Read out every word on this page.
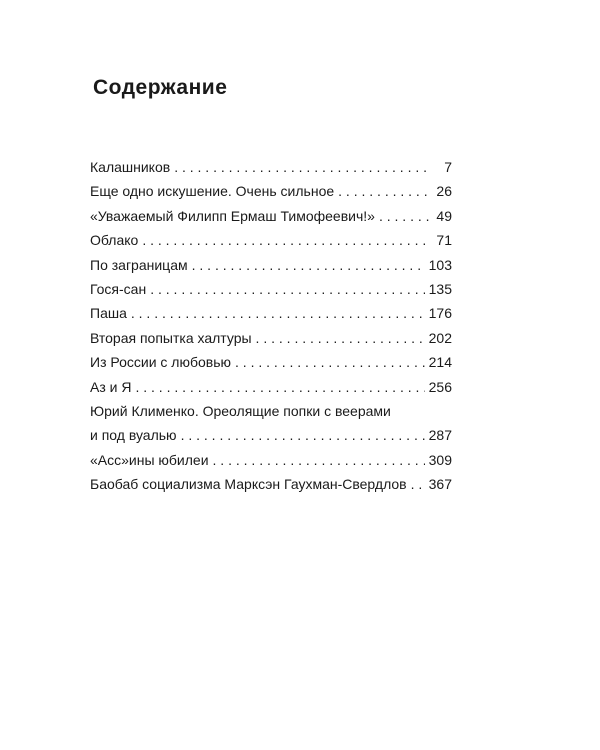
Содержание
Калашников . . .	7
Еще одно искушение. Очень сильное . . .	26
«Уважаемый Филипп Ермаш Тимофеевич!» . . .	49
Облако . . .	71
По заграницам . . .	103
Гося-сан . . .	135
Паша . . .	176
Вторая попытка халтуры . . .	202
Из России с любовью . . .	214
Аз и Я . . .	256
Юрий Клименко. Ореолящие попки с веерами
и под вуалью . . .	287
«Асс»ины юбилеи . . .	309
Баобаб социализма Марксэн Гаухман-Свердлов . . . 367
